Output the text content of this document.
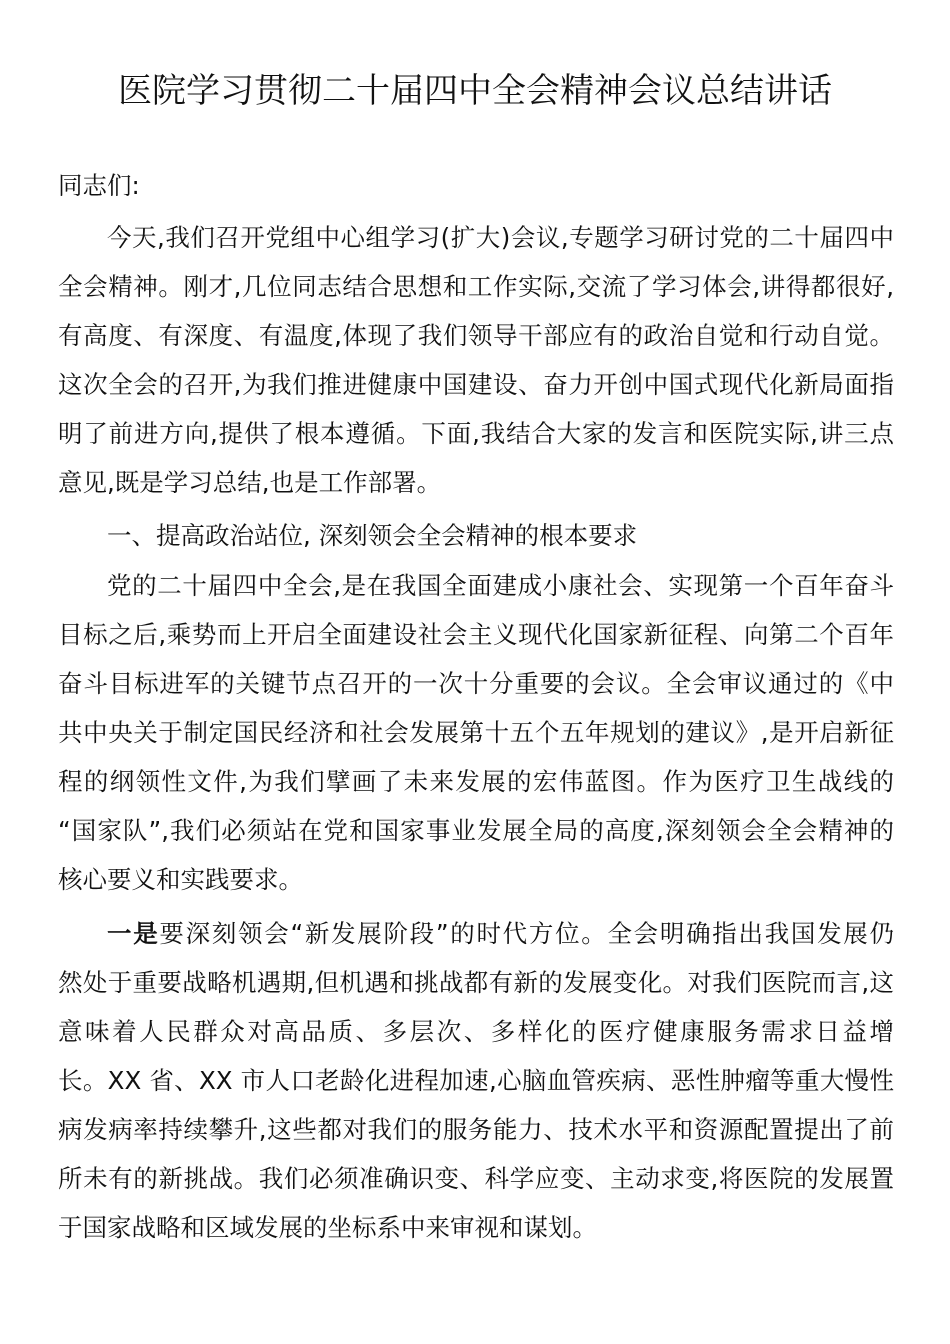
医院学习贯彻二十届四中全会精神会议总结讲话
同志们:
今天,我们召开党组中心组学习(扩大)会议,专题学习研讨党的二十届四中
全会精神。刚才,几位同志结合思想和工作实际,交流了学习体会,讲得都很好,
有高度、有深度、有温度,体现了我们领导干部应有的政治自觉和行动自觉。
这次全会的召开,为我们推进健康中国建设、奋力开创中国式现代化新局面指
明了前进方向,提供了根本遵循。下面,我结合大家的发言和医院实际,讲三点
意见,既是学习总结,也是工作部署。
一、提高政治站位, 深刻领会全会精神的根本要求
党的二十届四中全会,是在我国全面建成小康社会、实现第一个百年奋斗
目标之后,乘势而上开启全面建设社会主义现代化国家新征程、向第二个百年
奋斗目标进军的关键节点召开的一次十分重要的会议。全会审议通过的《中
共中央关于制定国民经济和社会发展第十五个五年规划的建议》,是开启新征
程的纲领性文件,为我们擘画了未来发展的宏伟蓝图。作为医疗卫生战线的
“国家队”,我们必须站在党和国家事业发展全局的高度,深刻领会全会精神的
核心要义和实践要求。
一是要深刻领会“新发展阶段”的时代方位。全会明确指出我国发展仍
然处于重要战略机遇期,但机遇和挑战都有新的发展变化。对我们医院而言,这
意味着人民群众对高品质、多层次、多样化的医疗健康服务需求日益增
长。XX 省、XX 市人口老龄化进程加速,心脑血管疾病、恶性肿瘤等重大慢性
病发病率持续攀升,这些都对我们的服务能力、技术水平和资源配置提出了前
所未有的新挑战。我们必须准确识变、科学应变、主动求变,将医院的发展置
于国家战略和区域发展的坐标系中来审视和谋划。
